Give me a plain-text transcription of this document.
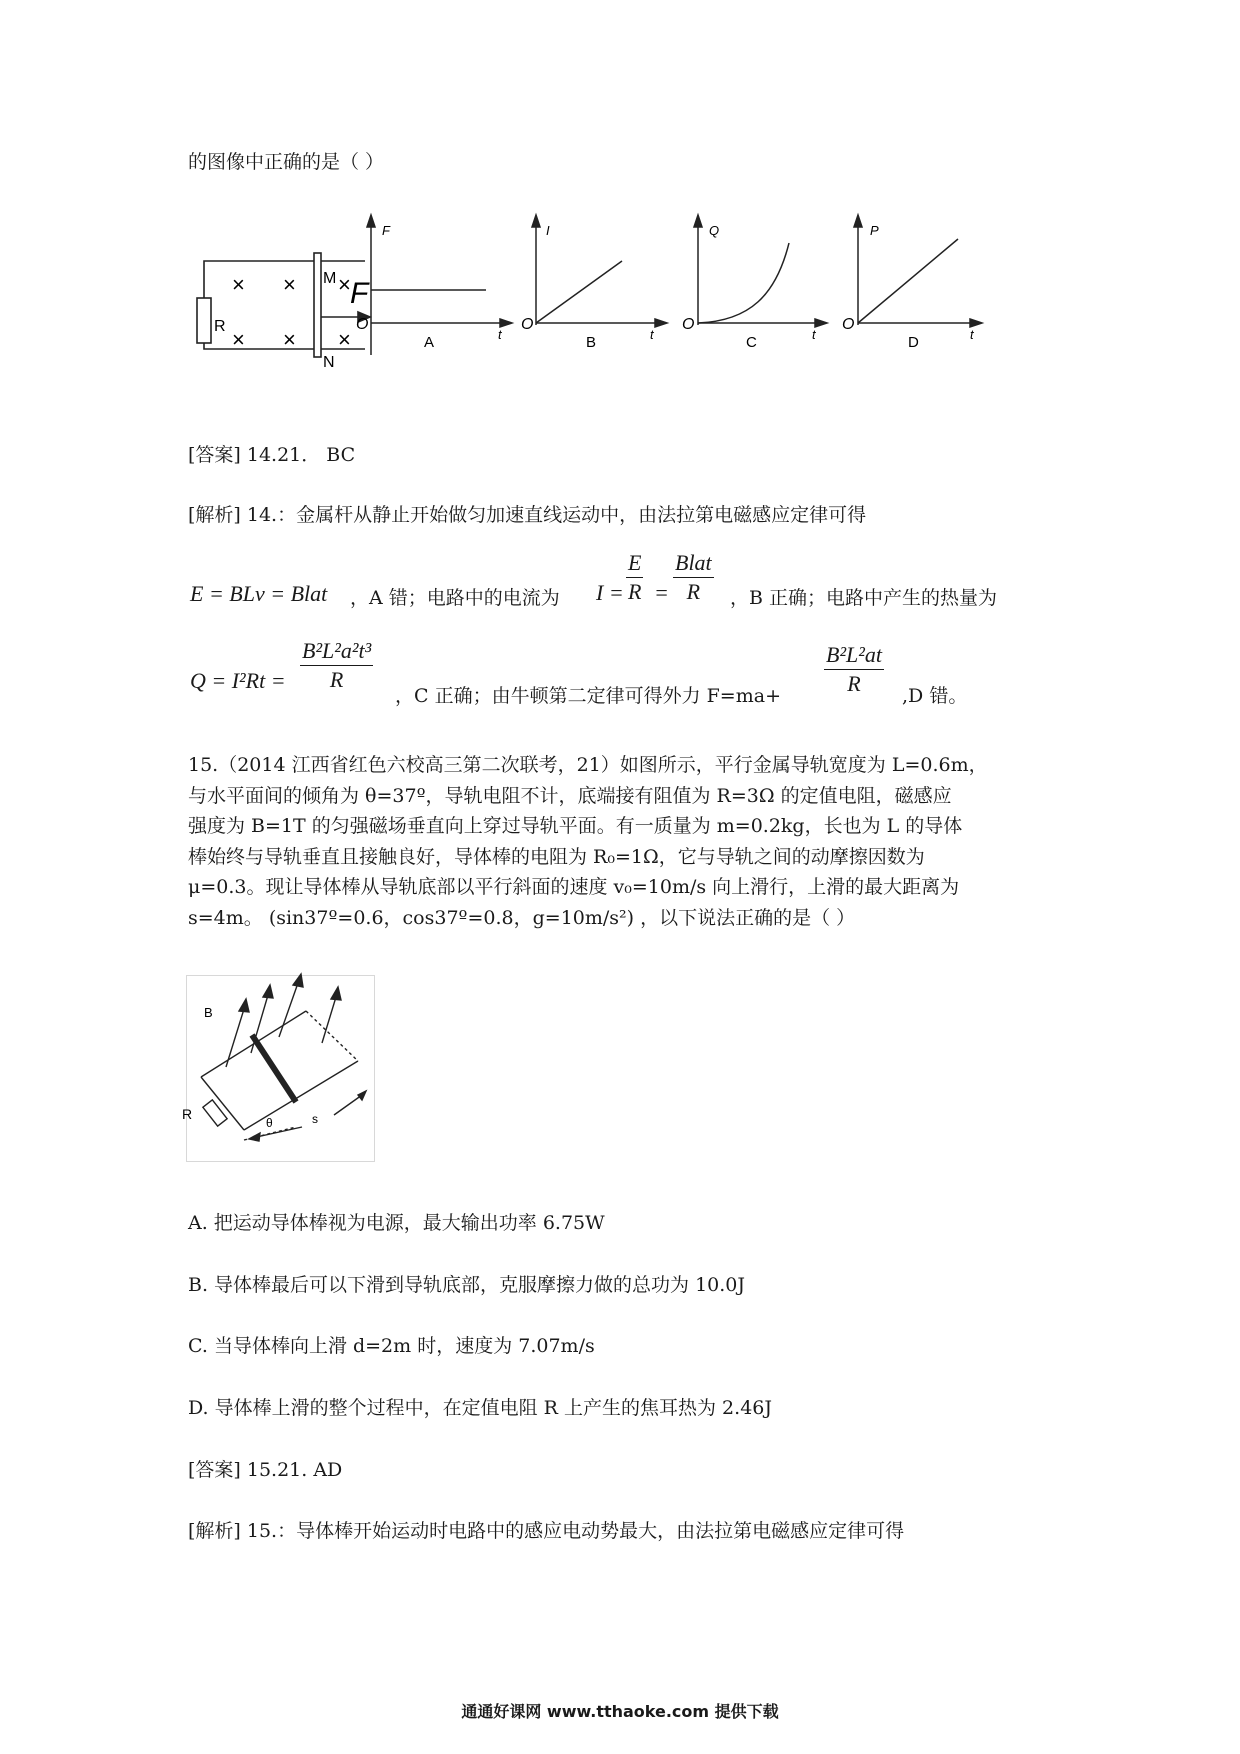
的图像中正确的是（ ）
R
M
N
F
× × ×
× × ×
F
O
t
A
I
O
t
B
Q
O
t
C
P
O
t
D
[答案] 14.21． BC
[解析] 14.：金属杆从静止开始做匀加速直线运动中，由法拉第电磁感应定律可得
E = BLv = Blat ，A 错；电路中的电流为 $I = \frac{E}{R}$ =
Blat
R	，B 正确；电路中产生的热量为
$Q = I^2Rt = \frac{\text{B²L²a²t³}}{R}$
，C 正确；由牛顿第二定律可得外力 $F=ma+ \frac{\text{B²L²at}}{R} ,D$ 错。
15.（2014 江西省红色六校高三第二次联考，21）如图所示，平行金属导轨宽度为 L=0.6m，
与水平面间的倾角为 θ=37º，导轨电阻不计，底端接有阻值为 R=3Ω 的定值电阻，磁感应
强度为 B=1T 的匀强磁场垂直向上穿过导轨平面。有一质量为 m=0.2kg，长也为 L 的导体
棒始终与导轨垂直且接触良好，导体棒的电阻为 R₀=1Ω，它与导轨之间的动摩擦因数为
μ=0.3。现让导体棒从导轨底部以平行斜面的速度 v₀=10m/s 向上滑行，上滑的最大距离为
s=4m。 (sin37º=0.6，cos37º=0.8，g=10m/s²) ，以下说法正确的是（ ）
B
R
θ	s
A. 把运动导体棒视为电源，最大输出功率 6.75W
B. 导体棒最后可以下滑到导轨底部，克服摩擦力做的总功为 10.0J
C. 当导体棒向上滑 d=2m 时，速度为 7.07m/s
D. 导体棒上滑的整个过程中，在定值电阻 R 上产生的焦耳热为 2.46J
[答案] 15.21. AD
[解析] 15.：导体棒开始运动时电路中的感应电动势最大，由法拉第电磁感应定律可得
通通好课网 www.tthaoke.com 提供下载
